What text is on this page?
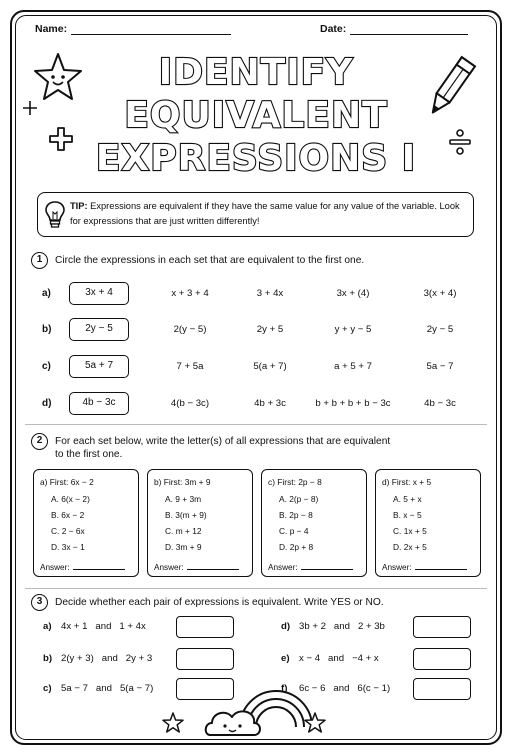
Name:	Date:
IDENTIFY
EQUIVALENT
EXPRESSIONS I
TIP: Expressions are equivalent if they have the same value for any value of the variable. Look for expressions that are just written differently!
1	Circle the expressions in each set that are equivalent to the first one.
a)	3x + 4	x + 3 + 4	3 + 4x	3x + (4)	3(x + 4)
b)	2y − 5	2(y − 5)	2y + 5	y + y − 5	2y − 5
c)	5a + 7	7 + 5a	5(a + 7)	a + 5 + 7	5a − 7
d)	4b − 3c	4(b − 3c)	4b + 3c	b + b + b + b − 3c	4b − 3c
2	For each set below, write the letter(s) of all expressions that are equivalent
to the first one.
a) First: 6x − 2
A. 6(x − 2)
B. 6x − 2
C. 2 − 6x
D. 3x − 1
Answer:
b) First: 3m + 9
A. 9 + 3m
B. 3(m + 9)
C. m + 12
D. 3m + 9
Answer:
c) First: 2p − 8
A. 2(p − 8)
B. 2p − 8
C. p − 4
D. 2p + 8
Answer:
d) First: x + 5
A. 5 + x
B. x − 5
C. 1x + 5
D. 2x + 5
Answer:
3	Decide whether each pair of expressions is equivalent. Write YES or NO.
a) 4x + 1   and   1 + 4x
b) 2(y + 3)   and   2y + 3
c) 5a − 7   and   5(a − 7)
d) 3b + 2   and   2 + 3b
e) x − 4   and   −4 + x
f) 6c − 6   and   6(c − 1)
